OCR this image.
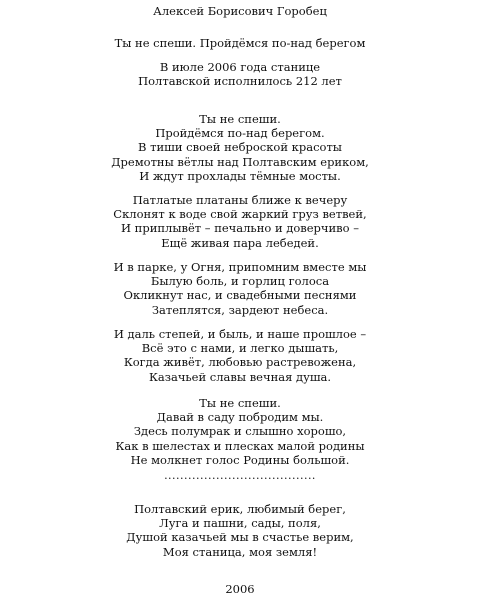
Алексей Борисович Горобец
Ты не спеши. Пройдёмся по-над берегом
В июле 2006 года станице
Полтавской исполнилось 212 лет
Ты не спеши.
Пройдёмся по-над берегом.
В тиши своей неброской красоты
Дремотны вётлы над Полтавским ериком,
И ждут прохлады тёмные мосты.
Патлатые платаны ближе к вечеру
Склонят к воде свой жаркий груз ветвей,
И приплывёт – печально и доверчиво –
Ещё живая пара лебедей.
И в парке, у Огня, припомним вместе мы
Былую боль, и горлиц голоса
Окликнут нас, и свадебными песнями
Затеплятся, зардеют небеса.
И даль степей, и быль, и наше прошлое –
Всё это с нами, и легко дышать,
Когда живёт, любовью растревожена,
Казачьей славы вечная душа.
Ты не спеши.
Давай в саду побродим мы.
Здесь полумрак и слышно хорошо,
Как в шелестах и плесках малой родины
Не молкнет голос Родины большой.
......................................
Полтавский ерик, любимый берег,
Луга и пашни, сады, поля,
Душой казачьей мы в счастье верим,
Моя станица, моя земля!
2006
